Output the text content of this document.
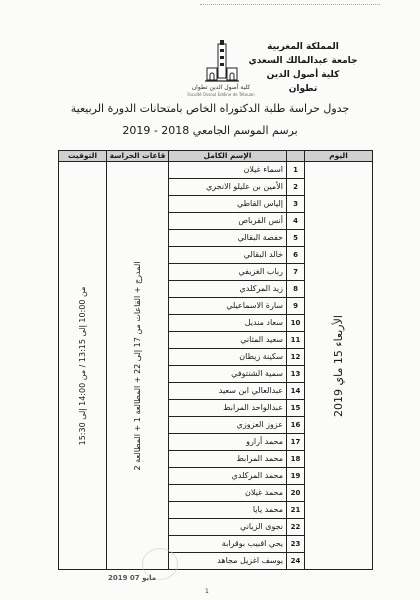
المملكة المغربية
جامعة عبدالمالك السعدي
كلية أصول الدين
تطوان
كلية أصول الدين تطوان
Faculté Ossoul Eddine de Tétouan
جدول حراسة طلبة الدكتوراه الخاص بامتحانات الدورة الربيعية
برسم الموسم الجامعي 2018 - 2019
اليوم		الإسم الكامل	قاعات الحراسة	التوقيت

الأربعاء 15 ماي 2019	1	اسماء غيلان	المدرج + القاعات من 17 إلى 22 + المطالعة 1 + المطالعة 2	من 10:00 إلى 13:15 / من 14:00 إلى 15:30

	2	الأمين بن عليلو الانجري		
	3	إلياس القاطي		
	4	أنس القرباص		
	5	حفصة البقالي		
	6	خالد البقالي		
	7	رباب الغزيفي		
	8	زيد المركلدي		
	9	سارة الاسماعيلي		
	10	سعاد منديل		
	11	سعيد المثاني		
	12	سكينة زيطان		
	13	سمية الشنتوفي		
	14	عبدالعالي ابن سعيد		
	15	عبدالواحد المرابط		
	16	عزوز العزوزي		
	17	محمد أرارو		
	18	محمد المرابط		
	19	محمد المركلدي		
	20	محمد غيلان		
	21	محمد يايا		
	22	نجوى الزياني		
	23	يحي اقبيب بوقرابة		
	24	يوسف اغزيل مجاهد		
2019 مايو 07
1
